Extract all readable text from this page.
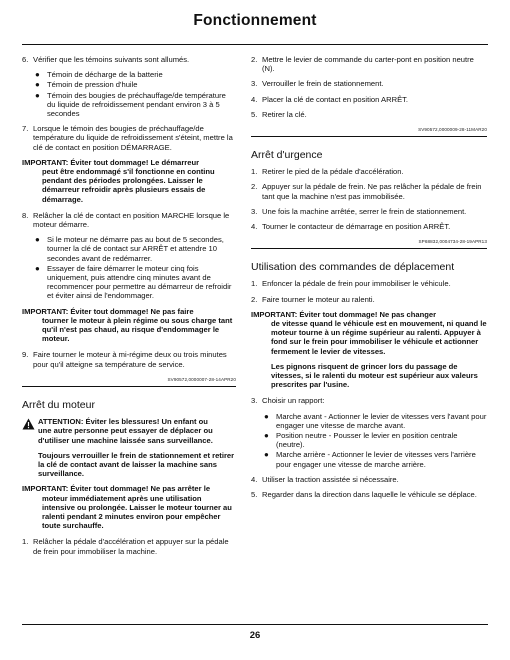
Fonctionnement
6. Vérifier que les témoins suivants sont allumés.
● Témoin de décharge de la batterie
● Témoin de pression d'huile
● Témoin des bougies de préchauffage/de température du liquide de refroidissement pendant environ 3 à 5 secondes
7. Lorsque le témoin des bougies de préchauffage/de température du liquide de refroidissement s'éteint, mettre la clé de contact en position DÉMARRAGE.
IMPORTANT: Éviter tout dommage! Le démarreur
peut être endommagé s'il fonctionne en continu pendant des périodes prolongées. Laisser le démarreur refroidir après plusieurs essais de démarrage.
8. Relâcher la clé de contact en position MARCHE lorsque le moteur démarre.
● Si le moteur ne démarre pas au bout de 5 secondes, tourner la clé de contact sur ARRÊT et attendre 10 secondes avant de redémarrer.
● Essayer de faire démarrer le moteur cinq fois uniquement, puis attendre cinq minutes avant de recommencer pour permettre au démarreur de refroidir et éviter ainsi de l'endommager.
IMPORTANT: Éviter tout dommage! Ne pas faire
tourner le moteur à plein régime ou sous charge tant qu'il n'est pas chaud, au risque d'endommager le moteur.
9. Faire tourner le moteur à mi-régime deux ou trois minutes pour qu'il atteigne sa température de service.
SV90572,0000007-28-14APR20
Arrêt du moteur
ATTENTION: Éviter les blessures! Un enfant ou
une autre personne peut essayer de déplacer ou d'utiliser une machine laissée sans surveillance.
Toujours verrouiller le frein de stationnement et retirer la clé de contact avant de laisser la machine sans surveillance.
IMPORTANT: Éviter tout dommage! Ne pas arrêter le
moteur immédiatement après une utilisation intensive ou prolongée. Laisser le moteur tourner au ralenti pendant 2 minutes environ pour empêcher toute surchauffe.
1. Relâcher la pédale d'accélération et appuyer sur la pédale de frein pour immobiliser la machine.
2. Mettre le levier de commande du carter-pont en position neutre (N).
3. Verrouiller le frein de stationnement.
4. Placer la clé de contact en position ARRÊT.
5. Retirer la clé.
SV90572,0000009-28-11MAR20
Arrêt d'urgence
1. Retirer le pied de la pédale d'accélération.
2. Appuyer sur la pédale de frein. Ne pas relâcher la pédale de frein tant que la machine n'est pas immobilisée.
3. Une fois la machine arrêtée, serrer le frein de stationnement.
4. Tourner le contacteur de démarrage en position ARRÊT.
SP68832,0004734-28-19APR13
Utilisation des commandes de déplacement
1. Enfoncer la pédale de frein pour immobiliser le véhicule.
2. Faire tourner le moteur au ralenti.
IMPORTANT: Éviter tout dommage! Ne pas changer
de vitesse quand le véhicule est en mouvement, ni quand le moteur tourne à un régime supérieur au ralenti. Appuyer à fond sur le frein pour immobiliser le véhicule et actionner fermement le levier de vitesses.
Les pignons risquent de grincer lors du passage de vitesses, si le ralenti du moteur est supérieur aux valeurs prescrites par l'usine.
3. Choisir un rapport:
● Marche avant - Actionner le levier de vitesses vers l'avant pour engager une vitesse de marche avant.
● Position neutre - Pousser le levier en position centrale (neutre).
● Marche arrière - Actionner le levier de vitesses vers l'arrière pour engager une vitesse de marche arrière.
4. Utiliser la traction assistée si nécessaire.
5. Regarder dans la direction dans laquelle le véhicule se déplace.
26
